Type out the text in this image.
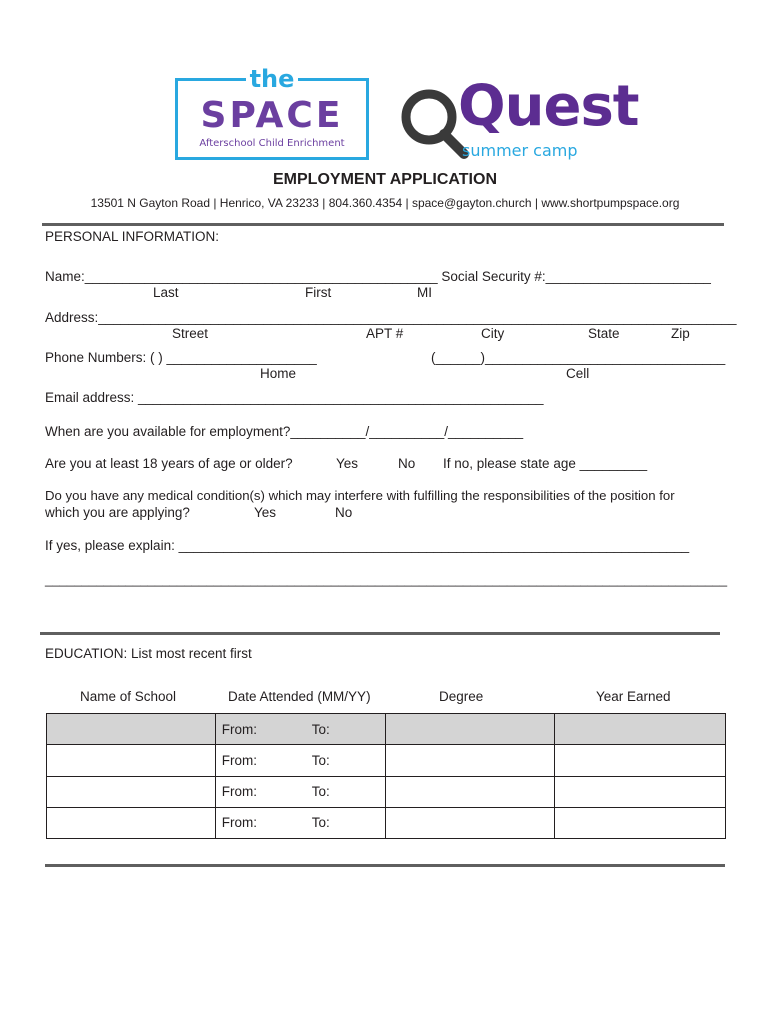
the
SPACE
Afterschool Child Enrichment
Quest
summer camp
EMPLOYMENT APPLICATION
13501 N Gayton Road | Henrico, VA 23233 | 804.360.4354 | space@gayton.church | www.shortpumpspace.org
PERSONAL INFORMATION:
Name:_______________________________________________ Social Security #:______________________
Last	First	MI
Address:_____________________________________________________________________________________
Street	APT #	City	State	Zip
Phone Numbers: ( ) ____________________	(______)________________________________
Home	Cell
Email address: ______________________________________________________
When are you available for employment?__________/__________/__________
Are you at least 18 years of age or older?	Yes	No If no, please state age _________
Do you have any medical condition(s) which may interfere with fulfilling the responsibilities of the position for
which you are applying?	Yes	No
If yes, please explain: ____________________________________________________________________
_____________________________________________________________________________________________
EDUCATION: List most recent first
Name of School	Date Attended (MM/YY)	Degree	Year Earned
	From: To:		
	From: To:		
	From: To:		
	From: To:		
